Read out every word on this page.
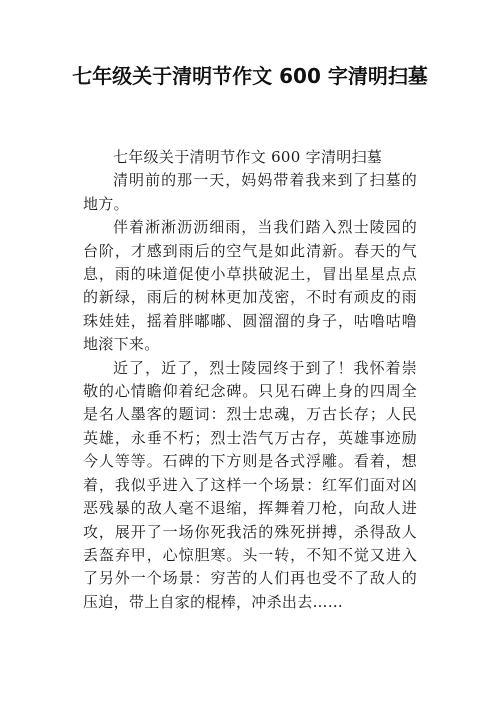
七年级关于清明节作文 600 字清明扫墓

七年级关于清明节作文 600 字清明扫墓

清明前的那一天，妈妈带着我来到了扫墓的地方。

伴着淅淅沥沥细雨，当我们踏入烈士陵园的台阶，才感到雨后的空气是如此清新。春天的气息，雨的味道促使小草拱破泥土，冒出星星点点的新绿，雨后的树林更加茂密，不时有顽皮的雨珠娃娃，摇着胖嘟嘟、圆溜溜的身子，咕噜咕噜地滚下来。

近了，近了，烈士陵园终于到了！我怀着崇敬的心情瞻仰着纪念碑。只见石碑上身的四周全是名人墨客的题词：烈士忠魂，万古长存；人民英雄，永垂不朽；烈士浩气万古存，英雄事迹励今人等等。石碑的下方则是各式浮雕。看着，想着，我似乎进入了这样一个场景：红军们面对凶恶残暴的敌人毫不退缩，挥舞着刀枪，向敌人进攻，展开了一场你死我活的殊死拼搏，杀得敌人丢盔弃甲，心惊胆寒。头一转，不知不觉又进入了另外一个场景：穷苦的人们再也受不了敌人的压迫，带上自家的棍棒，冲杀出去……
